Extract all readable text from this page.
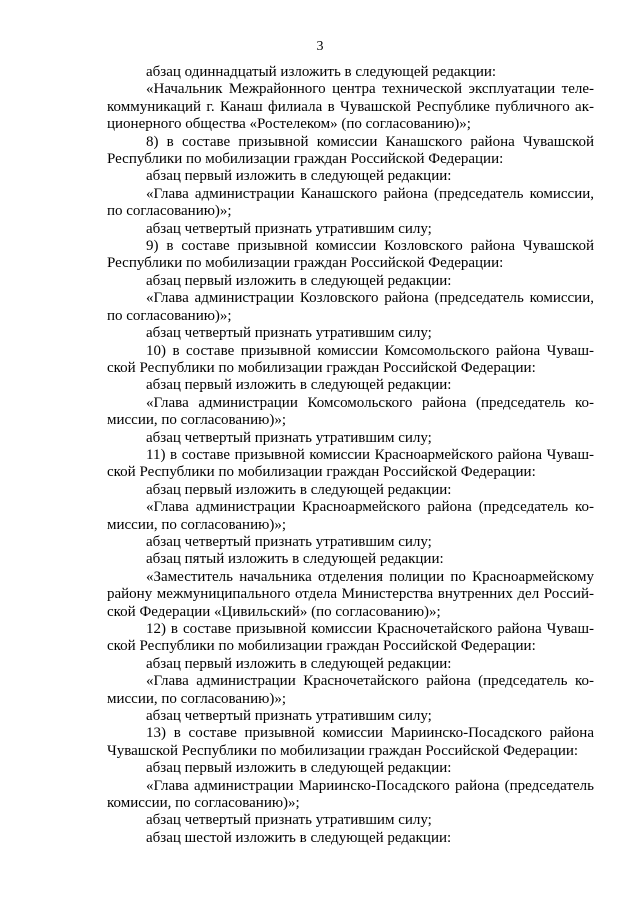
3

абзац одиннадцатый изложить в следующей редакции:

«Начальник Межрайонного центра технической эксплуатации телекоммуникаций г. Канаш филиала в Чувашской Республике публичного акционерного общества «Ростелеком» (по согласованию)»;

8) в составе призывной комиссии Канашского района Чувашской Республики по мобилизации граждан Российской Федерации:

абзац первый изложить в следующей редакции:

«Глава администрации Канашского района (председатель комиссии, по согласованию)»;

абзац четвертый признать утратившим силу;

9) в составе призывной комиссии Козловского района Чувашской Республики по мобилизации граждан Российской Федерации:

абзац первый изложить в следующей редакции:

«Глава администрации Козловского района (председатель комиссии, по согласованию)»;

абзац четвертый признать утратившим силу;

10) в составе призывной комиссии Комсомольского района Чувашской Республики по мобилизации граждан Российской Федерации:

абзац первый изложить в следующей редакции:

«Глава администрации Комсомольского района (председатель комиссии, по согласованию)»;

абзац четвертый признать утратившим силу;

11) в составе призывной комиссии Красноармейского района Чувашской Республики по мобилизации граждан Российской Федерации:

абзац первый изложить в следующей редакции:

«Глава администрации Красноармейского района (председатель комиссии, по согласованию)»;

абзац четвертый признать утратившим силу;

абзац пятый изложить в следующей редакции:

«Заместитель начальника отделения полиции по Красноармейскому району межмуниципального отдела Министерства внутренних дел Российской Федерации «Цивильский» (по согласованию)»;

12) в составе призывной комиссии Красночетайского района Чувашской Республики по мобилизации граждан Российской Федерации:

абзац первый изложить в следующей редакции:

«Глава администрации Красночетайского района (председатель комиссии, по согласованию)»;

абзац четвертый признать утратившим силу;

13) в составе призывной комиссии Мариинско-Посадского района Чувашской Республики по мобилизации граждан Российской Федерации:

абзац первый изложить в следующей редакции:

«Глава администрации Мариинско-Посадского района (председатель комиссии, по согласованию)»;

абзац четвертый признать утратившим силу;

абзац шестой изложить в следующей редакции:
